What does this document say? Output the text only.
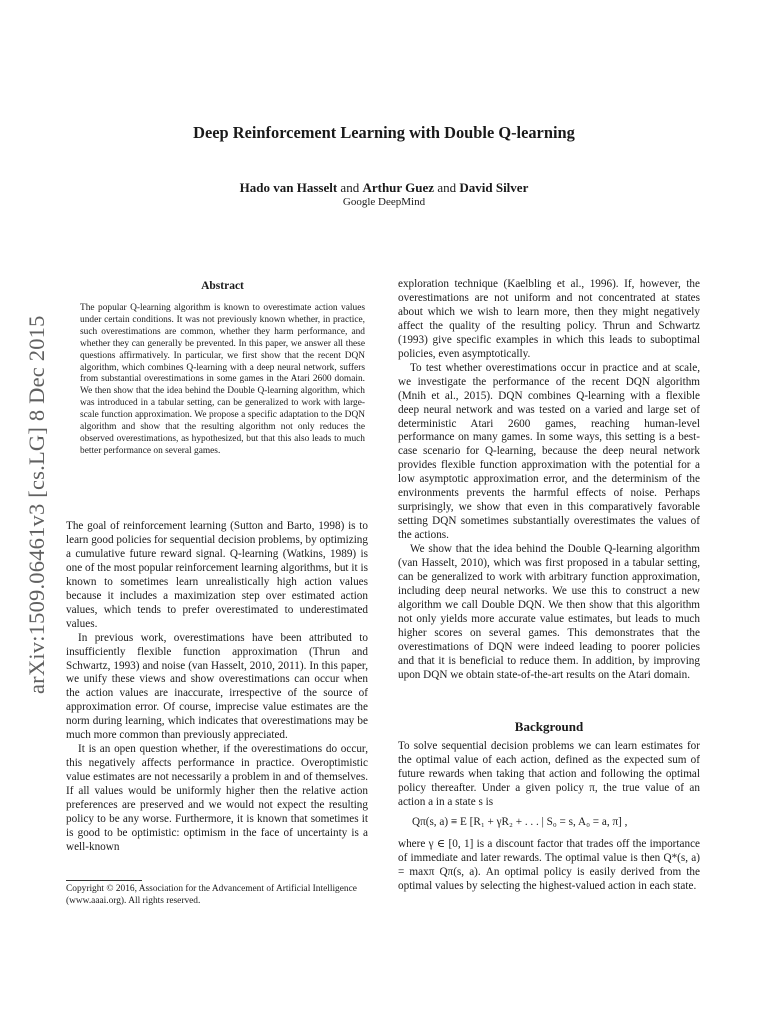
arXiv:1509.06461v3 [cs.LG] 8 Dec 2015
Deep Reinforcement Learning with Double Q-learning
Hado van Hasselt and Arthur Guez and David Silver
Google DeepMind
Abstract
The popular Q-learning algorithm is known to overestimate action values under certain conditions. It was not previously known whether, in practice, such overestimations are common, whether they harm performance, and whether they can generally be prevented. In this paper, we answer all these questions affirmatively. In particular, we first show that the recent DQN algorithm, which combines Q-learning with a deep neural network, suffers from substantial overestimations in some games in the Atari 2600 domain. We then show that the idea behind the Double Q-learning algorithm, which was introduced in a tabular setting, can be generalized to work with large-scale function approximation. We propose a specific adaptation to the DQN algorithm and show that the resulting algorithm not only reduces the observed overestimations, as hypothesized, but that this also leads to much better performance on several games.

The goal of reinforcement learning (Sutton and Barto, 1998) is to learn good policies for sequential decision problems, by optimizing a cumulative future reward signal. Q-learning (Watkins, 1989) is one of the most popular reinforcement learning algorithms, but it is known to sometimes learn unrealistically high action values because it includes a maximization step over estimated action values, which tends to prefer overestimated to underestimated values.

In previous work, overestimations have been attributed to insufficiently flexible function approximation (Thrun and Schwartz, 1993) and noise (van Hasselt, 2010, 2011). In this paper, we unify these views and show overestimations can occur when the action values are inaccurate, irrespective of the source of approximation error. Of course, imprecise value estimates are the norm during learning, which indicates that overestimations may be much more common than previously appreciated.

It is an open question whether, if the overestimations do occur, this negatively affects performance in practice. Overoptimistic value estimates are not necessarily a problem in and of themselves. If all values would be uniformly higher then the relative action preferences are preserved and we would not expect the resulting policy to be any worse. Furthermore, it is known that sometimes it is good to be optimistic: optimism in the face of uncertainty is a well-known

exploration technique (Kaelbling et al., 1996). If, however, the overestimations are not uniform and not concentrated at states about which we wish to learn more, then they might negatively affect the quality of the resulting policy. Thrun and Schwartz (1993) give specific examples in which this leads to suboptimal policies, even asymptotically.

To test whether overestimations occur in practice and at scale, we investigate the performance of the recent DQN algorithm (Mnih et al., 2015). DQN combines Q-learning with a flexible deep neural network and was tested on a varied and large set of deterministic Atari 2600 games, reaching human-level performance on many games. In some ways, this setting is a best-case scenario for Q-learning, because the deep neural network provides flexible function approximation with the potential for a low asymptotic approximation error, and the determinism of the environments prevents the harmful effects of noise. Perhaps surprisingly, we show that even in this comparatively favorable setting DQN sometimes substantially overestimates the values of the actions.

We show that the idea behind the Double Q-learning algorithm (van Hasselt, 2010), which was first proposed in a tabular setting, can be generalized to work with arbitrary function approximation, including deep neural networks. We use this to construct a new algorithm we call Double DQN. We then show that this algorithm not only yields more accurate value estimates, but leads to much higher scores on several games. This demonstrates that the overestimations of DQN were indeed leading to poorer policies and that it is beneficial to reduce them. In addition, by improving upon DQN we obtain state-of-the-art results on the Atari domain.

Background

To solve sequential decision problems we can learn estimates for the optimal value of each action, defined as the expected sum of future rewards when taking that action and following the optimal policy thereafter. Under a given policy π, the true value of an action a in a state s is

Qπ(s, a) ≡ E [R₁ + γR₂ + . . . | S₀ = s, A₀ = a, π] ,

where γ ∈ [0, 1] is a discount factor that trades off the importance of immediate and later rewards. The optimal value is then Q*(s, a) = maxπ Qπ(s, a). An optimal policy is easily derived from the optimal values by selecting the highest-valued action in each state.

Copyright © 2016, Association for the Advancement of Artificial Intelligence (www.aaai.org). All rights reserved.
